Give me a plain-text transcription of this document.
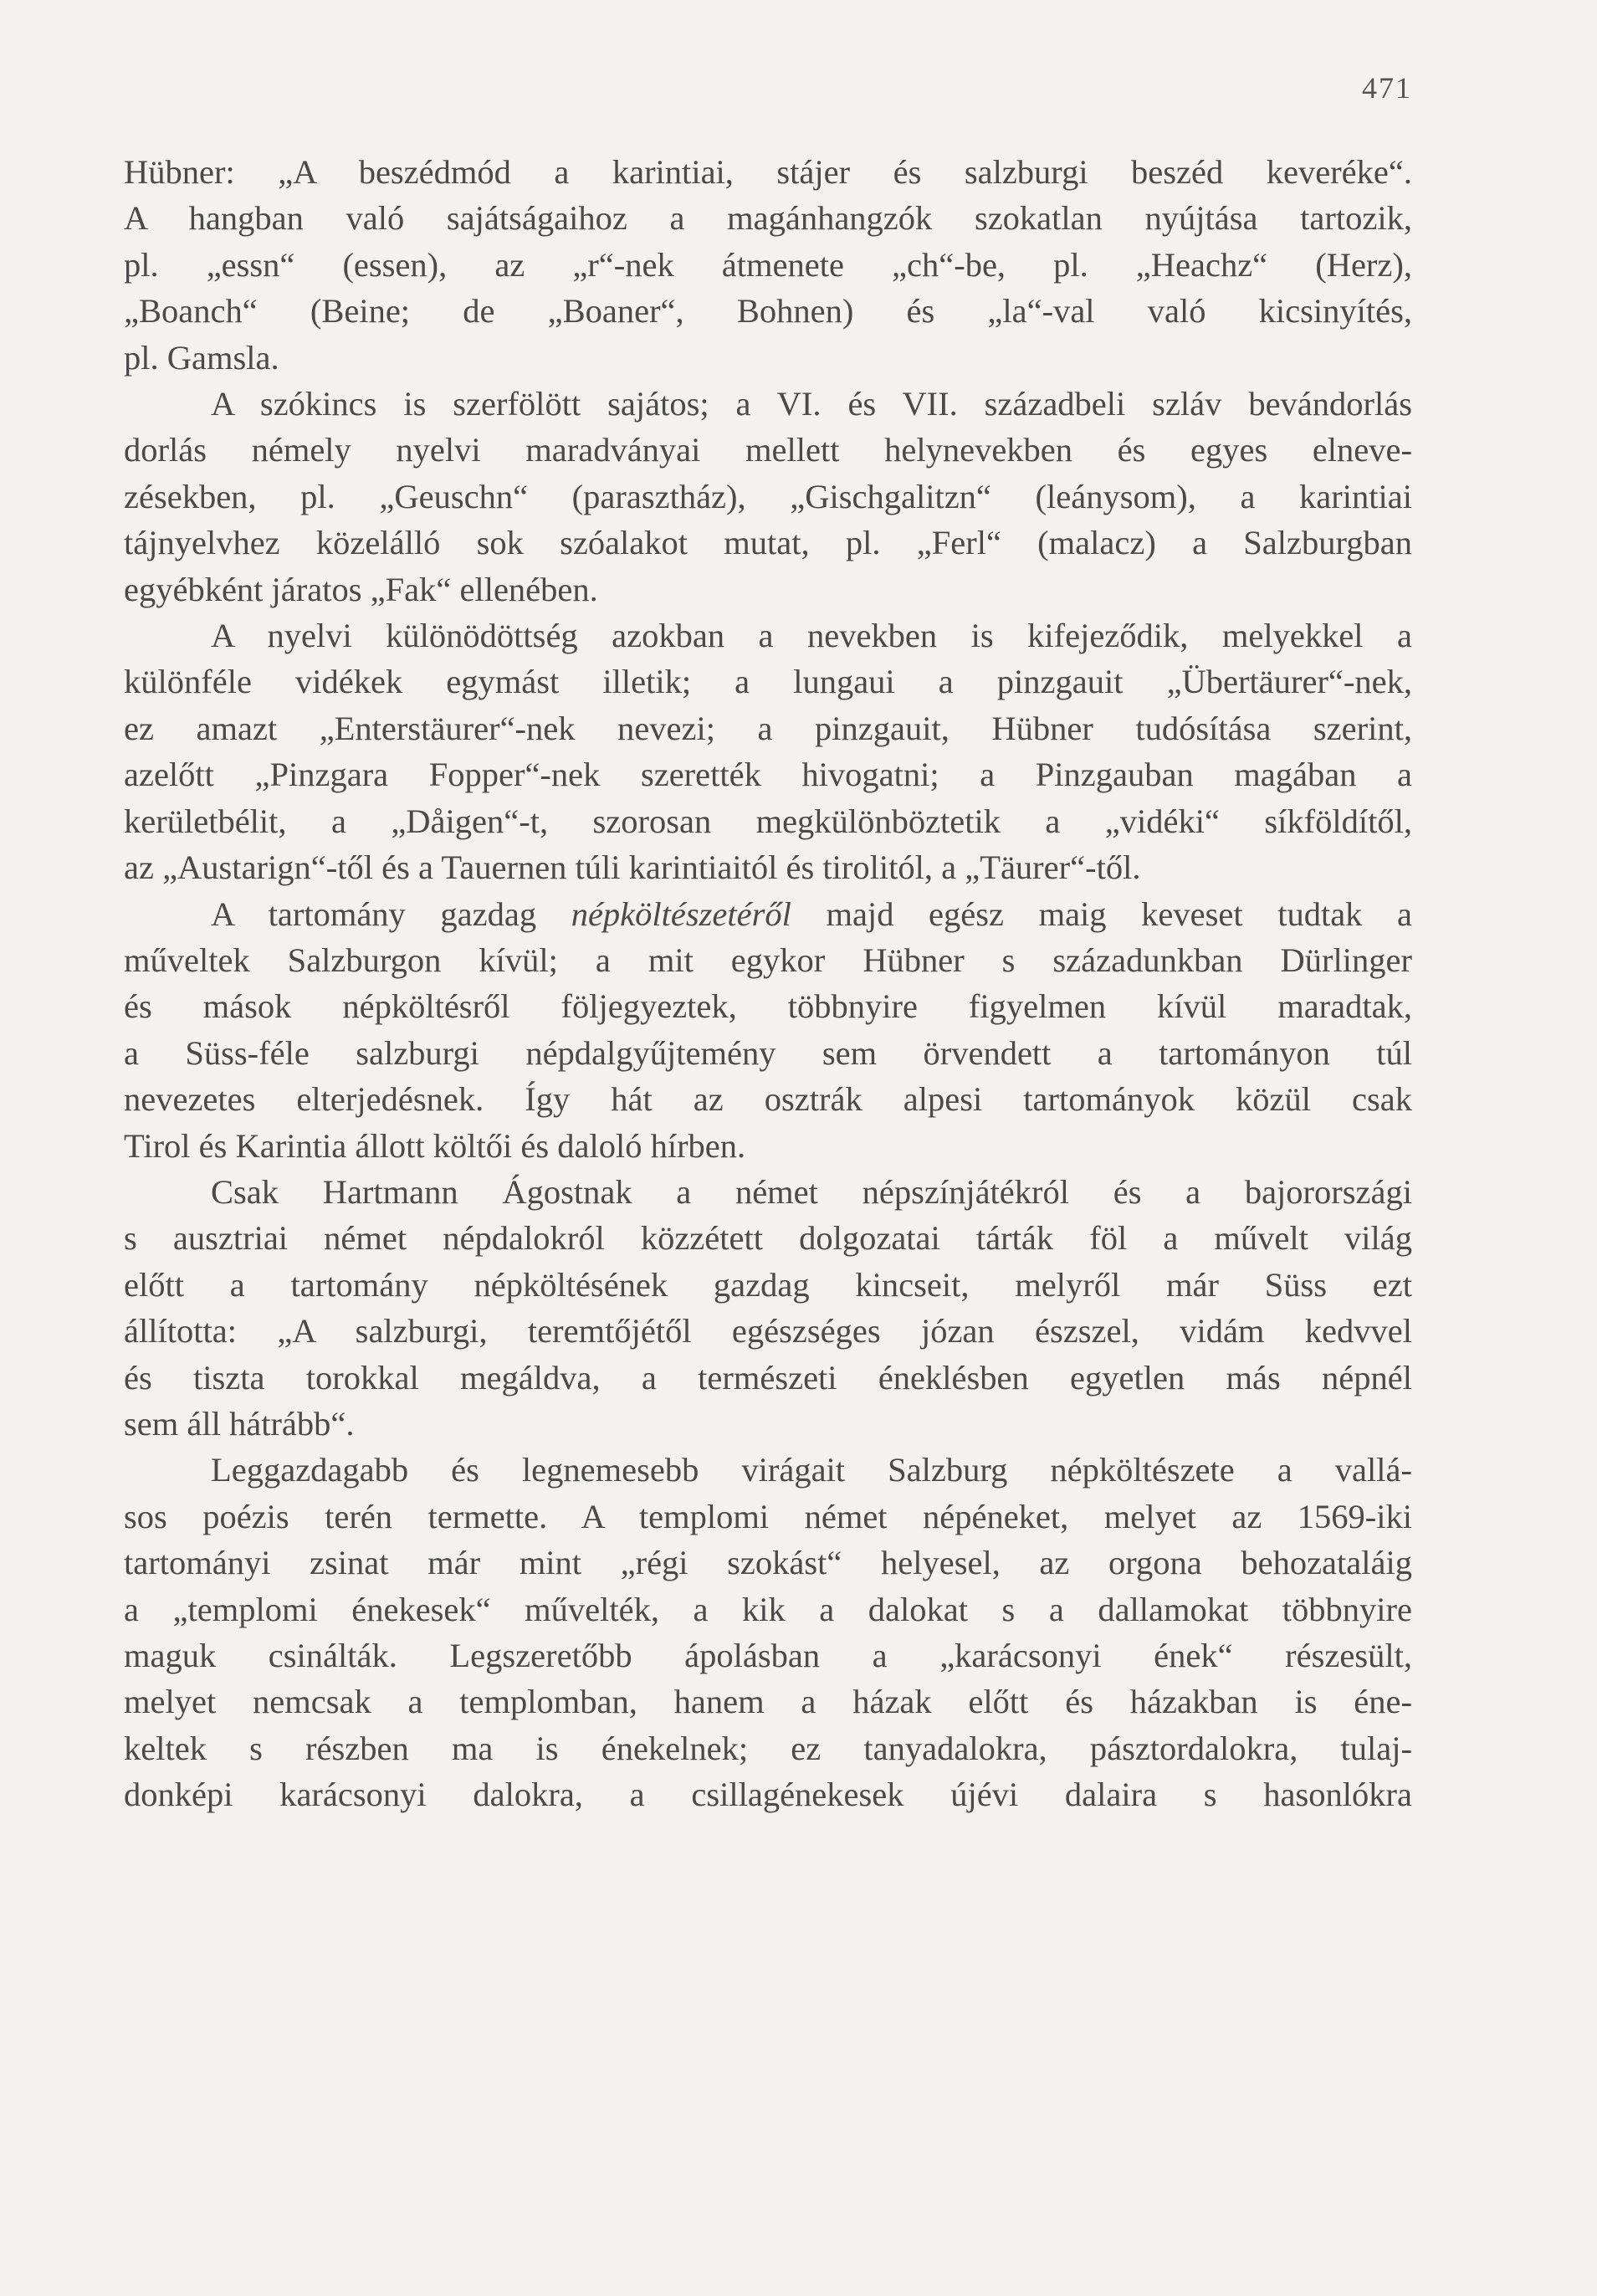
471

Hübner: „A beszédmód a karintiai, stájer és salzburgi beszéd keveréke“.
A hangban való sajátságaihoz a magánhangzók szokatlan nyújtása tartozik,
pl. „essn“ (essen), az „r“-nek átmenete „ch“-be, pl. „Heachz“ (Herz),
„Boanch“ (Beine; de „Boaner“, Bohnen) és „la“-val való kicsinyítés,
pl. Gamsla.

A szókincs is szerfölött sajátos; a VI. és VII. századbeli szláv bevándorlás
dorlás némely nyelvi maradványai mellett helynevekben és egyes elneve-
zésekben, pl. „Geuschn“ (parasztház), „Gischgalitzn“ (leánysom), a karintiai
tájnyelvhez közelálló sok szóalakot mutat, pl. „Ferl“ (malacz) a Salzburgban
egyébként járatos „Fak“ ellenében.

A nyelvi különödöttség azokban a nevekben is kifejeződik, melyekkel a
különféle vidékek egymást illetik; a lungaui a pinzgauit „Übertäurer“-nek,
ez amazt „Enterstäurer“-nek nevezi; a pinzgauit, Hübner tudósítása szerint,
azelőtt „Pinzgara Fopper“-nek szerették hivogatni; a Pinzgauban magában a
kerületbélit, a „Dåigen“-t, szorosan megkülönböztetik a „vidéki“ síkföldítől,
az „Austarign“-től és a Tauernen túli karintiaitól és tirolitól, a „Täurer“-től.

A tartomány gazdag népköltészetéről majd egész maig keveset tudtak a
műveltek Salzburgon kívül; a mit egykor Hübner s századunkban Dürlinger
és mások népköltésről följegyeztek, többnyire figyelmen kívül maradtak,
a Süss-féle salzburgi népdalgyűjtemény sem örvendett a tartományon túl
nevezetes elterjedésnek. Így hát az osztrák alpesi tartományok közül csak
Tirol és Karintia állott költői és daloló hírben.

Csak Hartmann Ágostnak a német népszínjátékról és a bajorországi
s ausztriai német népdalokról közzétett dolgozatai tárták föl a művelt világ
előtt a tartomány népköltésének gazdag kincseit, melyről már Süss ezt
állította: „A salzburgi, teremtőjétől egészséges józan észszel, vidám kedvvel
és tiszta torokkal megáldva, a természeti éneklésben egyetlen más népnél
sem áll hátrább“.

Leggazdagabb és legnemesebb virágait Salzburg népköltészete a vallá-
sos poézis terén termette. A templomi német népéneket, melyet az 1569-iki
tartományi zsinat már mint „régi szokást“ helyesel, az orgona behozataláig
a „templomi énekesek“ művelték, a kik a dalokat s a dallamokat többnyire
maguk csinálták. Legszeretőbb ápolásban a „karácsonyi ének“ részesült,
melyet nemcsak a templomban, hanem a házak előtt és házakban is éne-
keltek s részben ma is énekelnek; ez tanyadalokra, pásztordalokra, tulaj-
donképi karácsonyi dalokra, a csillagénekesek újévi dalaira s hasonlókra
